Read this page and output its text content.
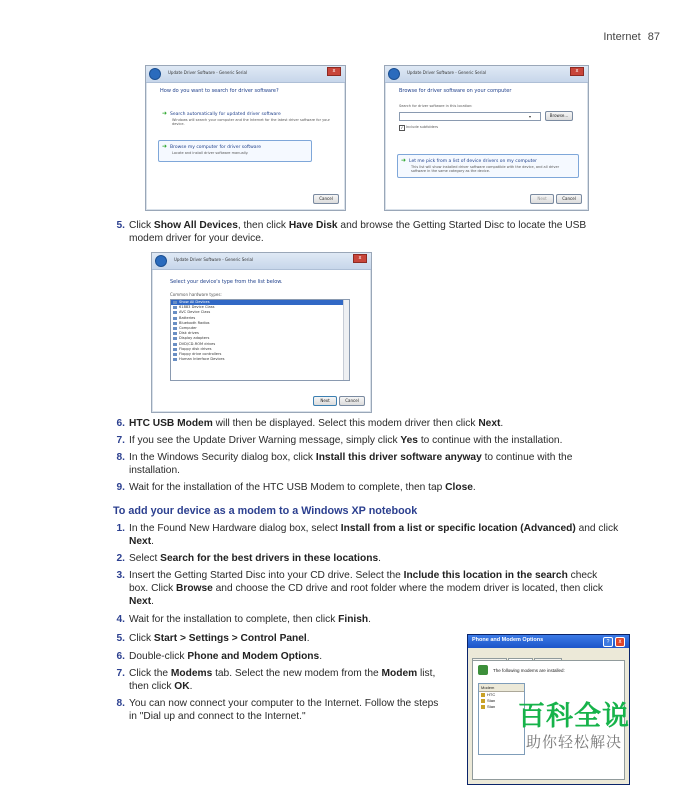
Internet 87
Update Driver Software - Generic Serial	x
How do you want to search for driver software?
➜ Search automatically for updated driver software
Windows will search your computer and the Internet for the latest driver software for your device.
➜ Browse my computer for driver software
Locate and install driver software manually.
Cancel
Update Driver Software - Generic Serial	x
Browse for driver software on your computer
Search for driver software in this location:
▾	Browse...
✓ Include subfolders
➜ Let me pick from a list of device drivers on my computer
This list will show installed driver software compatible with the device, and all driver software in the same category as the device.
Next	Cancel
5. Click Show All Devices, then click Have Disk and browse the Getting Started Disc to locate the USB modem driver for your device.
Update Driver Software - Generic Serial	x
Select your device's type from the list below.
Common hardware types:
Show All Devices
61883 Device Class
AVC Device Class
Batteries
Bluetooth Radios
Computer
Disk drives
Display adapters
DVD/CD-ROM drives
Floppy disk drives
Floppy drive controllers
Human Interface Devices
Next	Cancel
6. HTC USB Modem will then be displayed. Select this modem driver then click Next.
7. If you see the Update Driver Warning message, simply click Yes to continue with the installation.
8. In the Windows Security dialog box, click Install this driver software anyway to continue with the installation.
9. Wait for the installation of the HTC USB Modem to complete, then tap Close.
To add your device as a modem to a Windows XP notebook
1. In the Found New Hardware dialog box, select Install from a list or specific location (Advanced) and click Next.
2. Select Search for the best drivers in these locations.
3. Insert the Getting Started Disc into your CD drive. Select the Include this location in the search check box. Click Browse and choose the CD drive and root folder where the modem driver is located, then click Next.
4. Wait for the installation to complete, then click Finish.
5. Click Start > Settings > Control Panel.
6. Double-click Phone and Modem Options.
7. Click the Modems tab. Select the new modem from the Modem list, then click OK.
8. You can now connect your computer to the Internet. Follow the steps in "Dial up and connect to the Internet."
Phone and Modem Options	?	x
The following modems are installed:
Modem
HTC
Stan
Stan 百科全说
助你轻松解决
